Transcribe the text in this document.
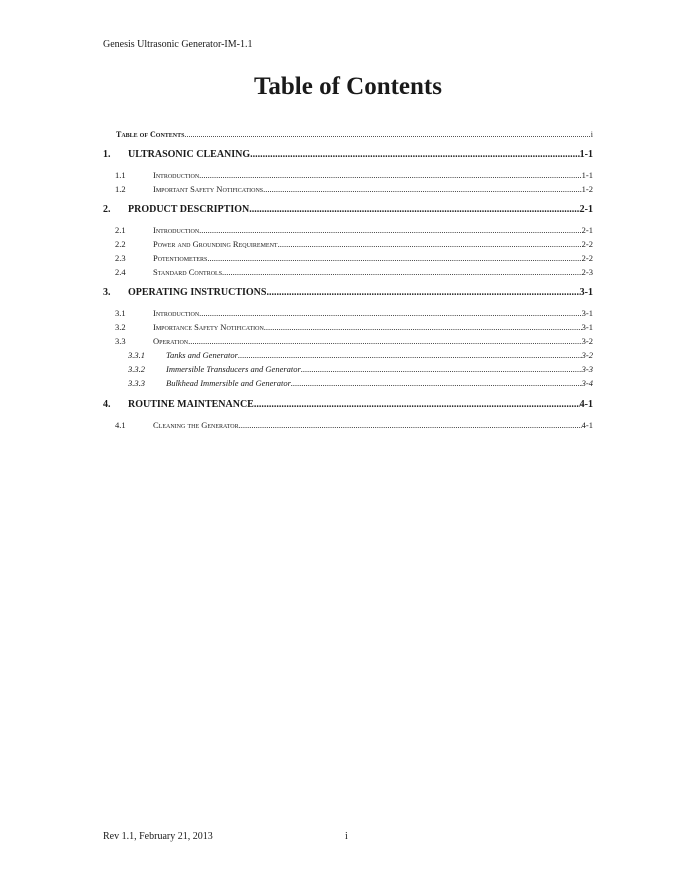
Genesis Ultrasonic Generator-IM-1.1
Table of Contents
Table of Contents .....	i
1.	ULTRASONIC CLEANING .....	1-1
1.1	Introduction .....	1-1
1.2	Important Safety Notifications .....	1-2
2.	PRODUCT DESCRIPTION .....	2-1
2.1	Introduction .....	2-1
2.2	Power and Grounding Requirement .....	2-2
2.3	Potentiometers .....	2-2
2.4	Standard Controls .....	2-3
3.	OPERATING INSTRUCTIONS .....	3-1
3.1	Introduction .....	3-1
3.2	Importance Safety Notification .....	3-1
3.3	Operation .....	3-2
3.3.1	Tanks and Generator .....	3-2
3.3.2	Immersible Transducers and Generator .....	3-3
3.3.3	Bulkhead Immersible and Generator .....	3-4
4.	ROUTINE MAINTENANCE .....	4-1
4.1	Cleaning the Generator .....	4-1
Rev 1.1, February 21, 2013	i
